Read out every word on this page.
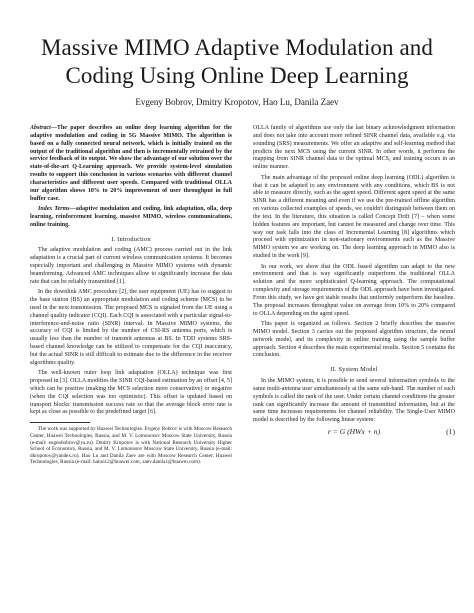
Massive MIMO Adaptive Modulation and
Coding Using Online Deep Learning
Evgeny Bobrov, Dmitry Kropotov, Hao Lu, Danila Zaev

Abstract—The paper describes an online deep learning algorithm for the adaptive modulation and coding in 5G Massive MIMO. The algorithm is based on a fully connected neural network, which is initially trained on the output of the traditional algorithm and then is incrementally retrained by the service feedback of its output. We show the advantage of our solution over the state-of-the-art Q-Learning approach. We provide system-level simulation results to support this conclusion in various scenarios with different channel characteristics and different user speeds. Compared with traditional OLLA our algorithm shows 10% to 20% improvement of user throughput in full buffer case.

Index Terms—adaptive modulation and coding, link adaptation, olla, deep learning, reinforcement learning, massive MIMO, wireless communications, online training.

I. Introduction

The adaptive modulation and coding (AMC) process carried out in the link adaptation is a crucial part of current wireless communication systems. It becomes especially important and challenging in Massive MIMO systems with dynamic beamforming. Advanced AMC techniques allow to significantly increase the data rate that can be reliably transmitted [1].

In the downlink AMC procedure [2], the user equipment (UE) has to suggest to the base station (BS) an appropriate modulation and coding scheme (MCS) to be used in the next transmission. The proposed MCS is signaled from the UE using a channel quality indicator (CQI). Each CQI is associated with a particular signal-to-interference-and-noise ratio (SINR) interval. In Massive MIMO systems, the accuracy of CQI is limited by the number of CSI-RS antenna ports, which is usually less than the number of transmit antennas at BS. In TDD systems SRS-based channel knowledge can be utilized to compensate for the CQI inaccuracy, but the actual SINR is still difficult to estimate due to the difference in the receiver algorithms quality.

The well-known outer loop link adaptation (OLLA) technique was first proposed in [3]. OLLA modifies the SINR CQI-based estimation by an offset [4, 5] which can be positive (making the MCS selection more conservative) or negative (when the CQI selection was too optimistic). This offset is updated based on transport blocks' transmission success rate so that the average block error rate is kept as close as possible to the predefined target [6].

The work was supported by Huawei Technologies. Evgeny Bobrov is with Moscow Research Center, Huawei Technologies, Russia, and M. V. Lomonosov Moscow State University, Russia (e-mail: eugenbobrov@ya.ru). Dmitry Kropotov is with National Research University Higher School of Economics, Russia, and M. V. Lomonosov Moscow State University, Russia (e-mail: dkropotov@yandex.ru). Hao Lu and Danila Zaev are with Moscow Research Center, Huawei Technologies, Russia (e-mail: haluo12@huawei.com, zaev.danila1@huawei.com).

OLLA family of algorithms use only the last binary acknowledgment information and does not take into account more refined SINR channel data, available e.g. via sounding (SRS) measurements. We offer an adaptive and self-learning method that predicts the next MCS using the current SINR. In other words, it performs the mapping from SINR channel data to the optimal MCS, and training occurs in an online manner.

The main advantage of the proposed online deep learning (ODL) algorithm is that it can be adapted to any environment with any conditions, which BS is not able to measure directly, such as the agent speed. Different agent speed at the same SINR has a different meaning and even if we use the pre-trained offline algorithm on various collected examples of speeds, we couldn't distinguish between them on the test. In the literature, this situation is called Concept Drift [7] – when some hidden features are important, but cannot be measured and change over time. This way our task falls into the class of Incremental Learning [8] algorithms which proceed with optimization in non-stationary environments such as the Massive MIMO system we are working on. The deep learning approach in MIMO also is studied in the work [9].

In our work, we show that the ODL based algorithm can adapt to the new environment and that is way significantly outperform the traditional OLLA solution and the more sophisticated Q-learning approach. The computational complexity and storage requirements of the ODL approach have been investigated. From this study, we have got stable results that uniformly outperform the baseline. The proposal increases throughput value on average from 10% to 20% compared to OLLA depending on the agent speed.

This paper is organized as follows. Section 2 briefly describes the massive MIMO model. Section 3 carries out the proposed algorithm structure, the neural network model, and its complexity in online training using the sample buffer approach. Section 4 describes the main experimental results. Section 5 contains the conclusion.

II. System Model

In the MIMO system, it is possible to send several information symbols to the same multi-antenna user simultaneously at the same sub-band. The number of such symbols is called the rank of the user. Under certain channel conditions the greater rank can significantly increase the amount of transmitted information, but at the same time increases requirements for channel reliability. The Single-User MIMO model is described by the following linear system:

r = G (HWx + n)	(1)
